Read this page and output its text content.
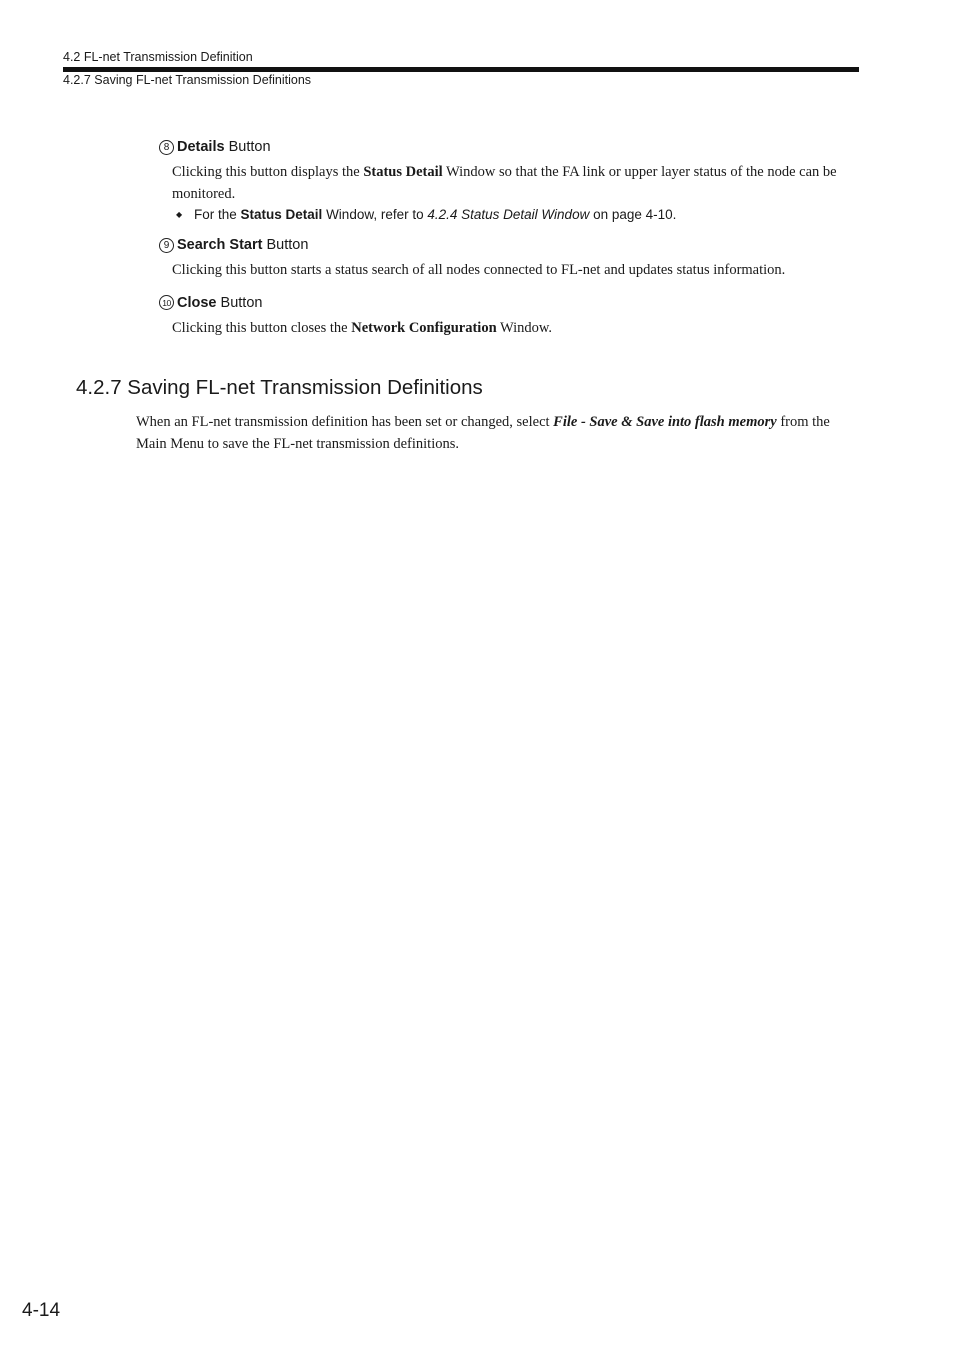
4.2 FL-net Transmission Definition
4.2.7 Saving FL-net Transmission Definitions
8 Details Button
Clicking this button displays the Status Detail Window so that the FA link or upper layer status of the node can be monitored.
◆ For the Status Detail Window, refer to 4.2.4 Status Detail Window on page 4-10.
9 Search Start Button
Clicking this button starts a status search of all nodes connected to FL-net and updates status information.
10 Close Button
Clicking this button closes the Network Configuration Window.
4.2.7 Saving FL-net Transmission Definitions
When an FL-net transmission definition has been set or changed, select File - Save & Save into flash memory from the Main Menu to save the FL-net transmission definitions.
4-14
